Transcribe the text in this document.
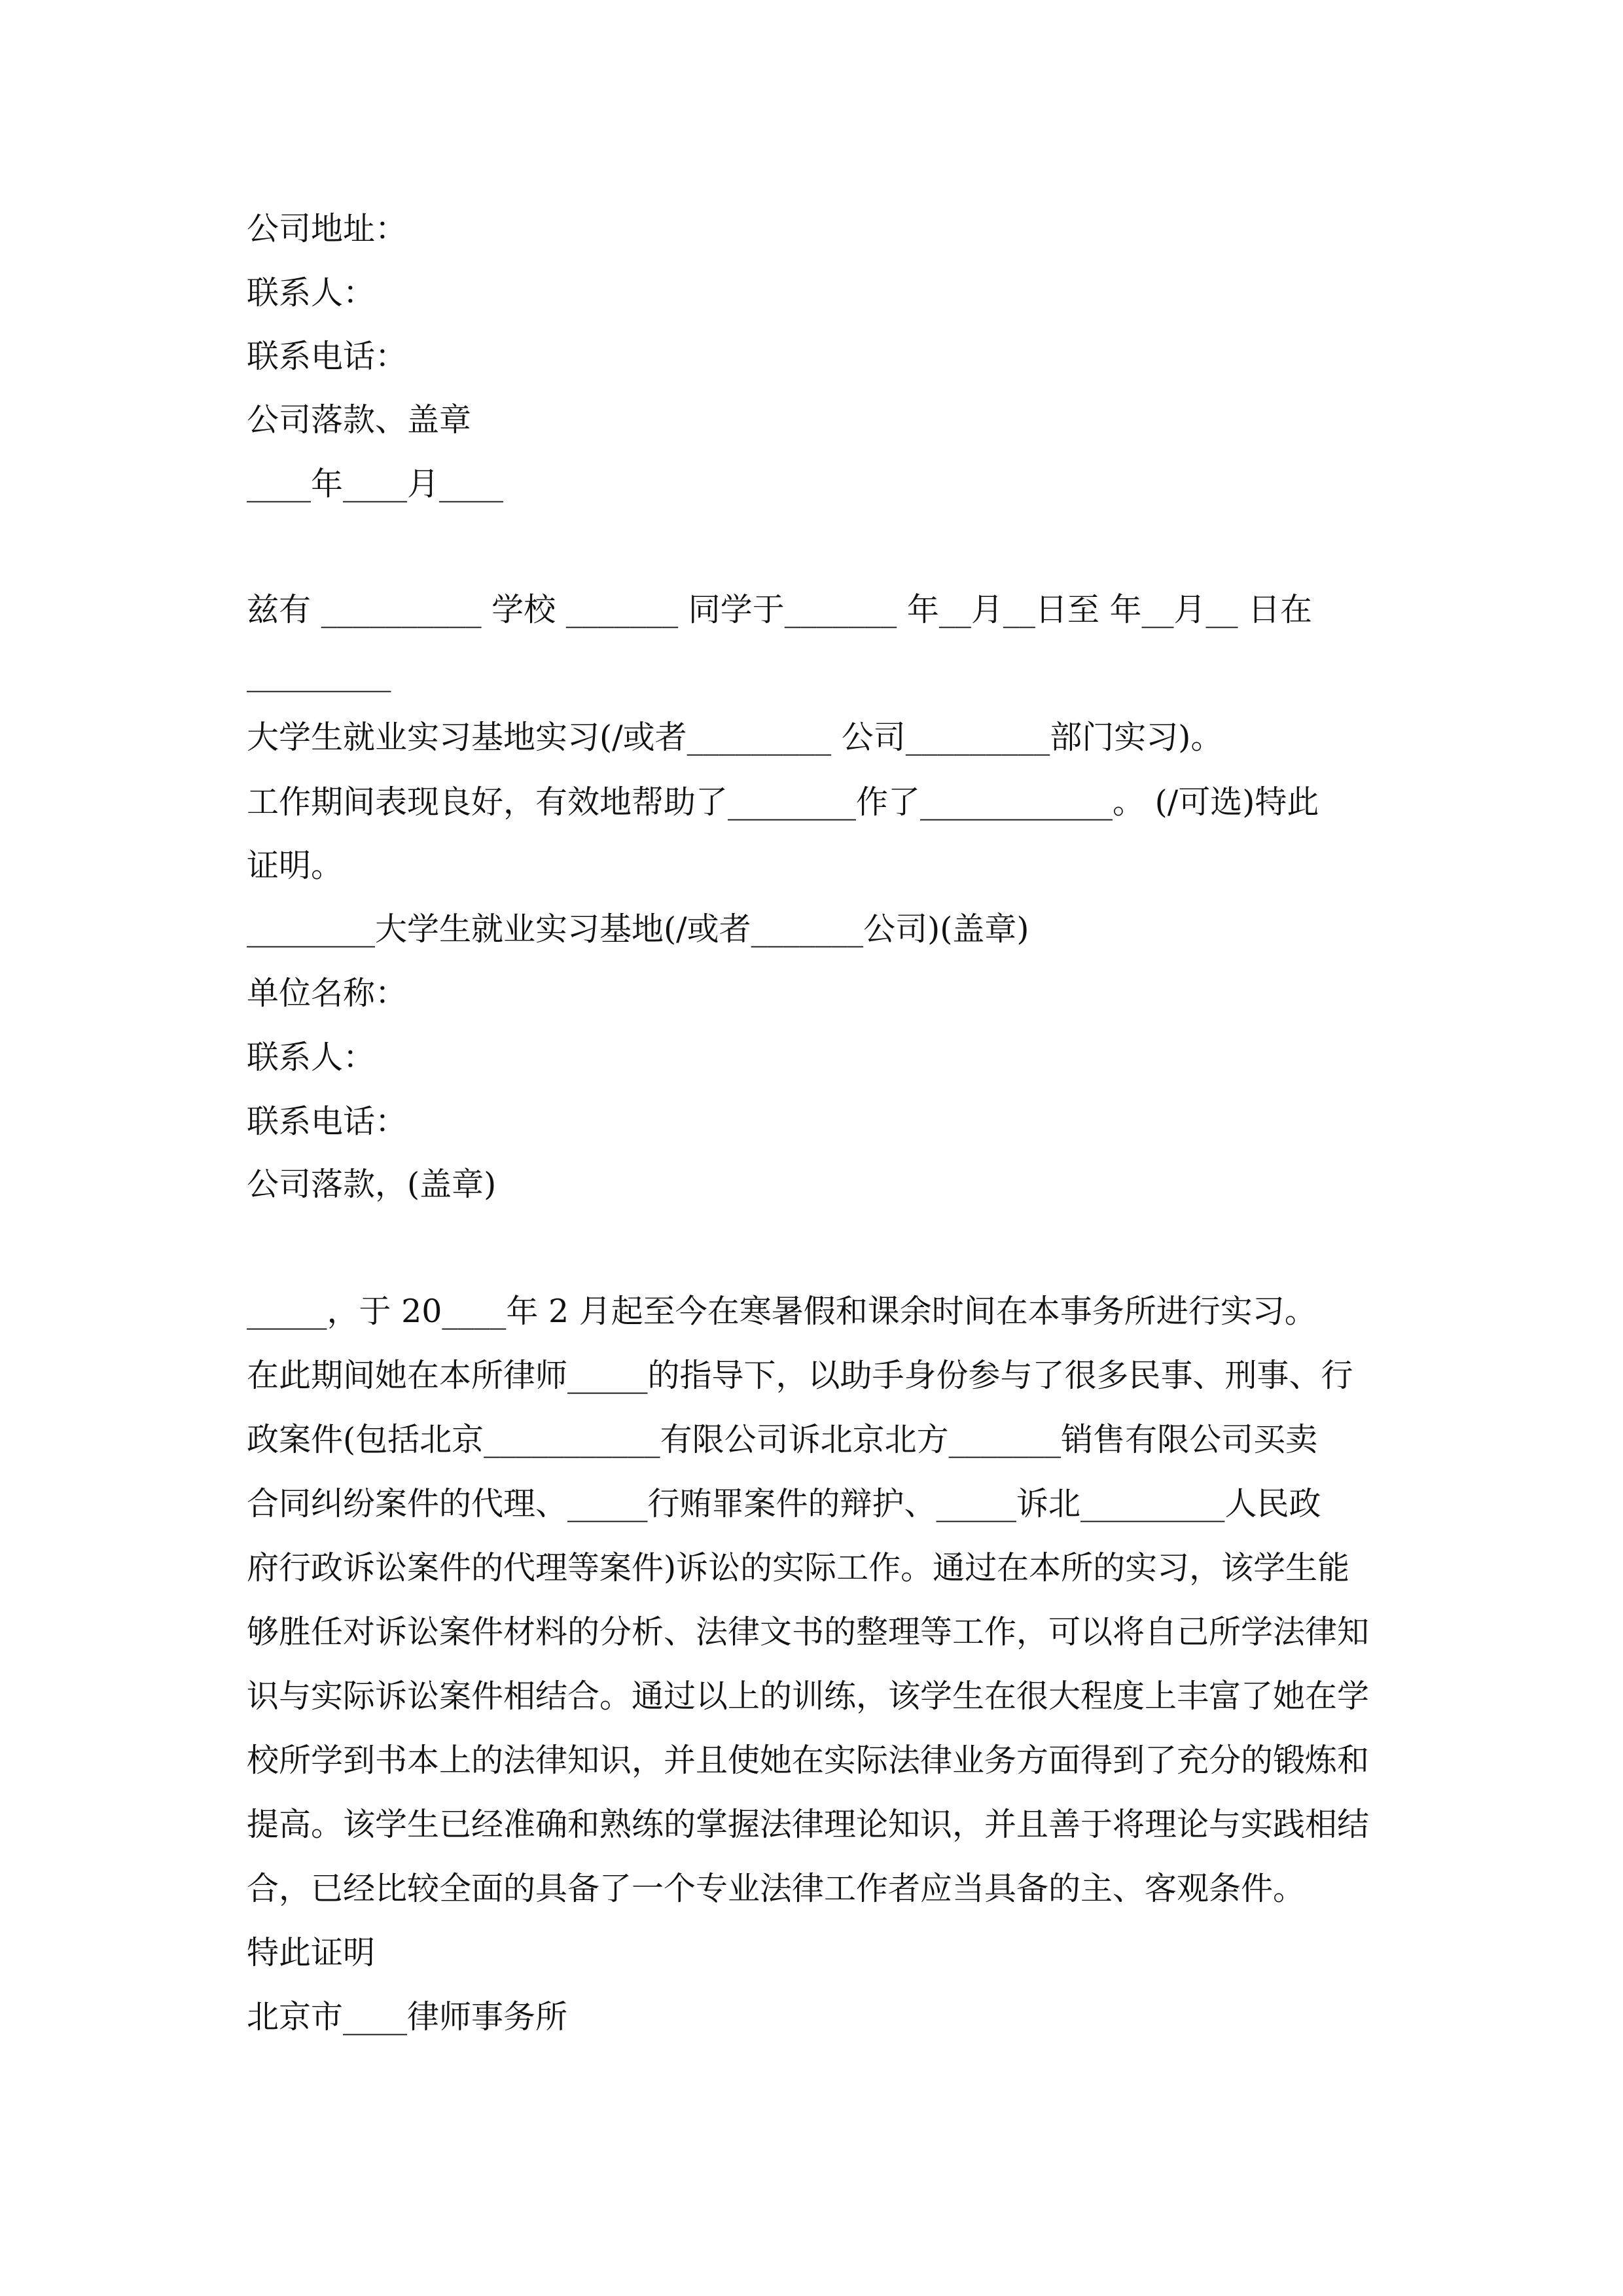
公司地址：
联系人：
联系电话：
公司落款、盖章
____年____月____
兹有 __________ 学校 _______ 同学于_______ 年__月__日至 年__月__ 日在
_________
大学生就业实习基地实习(/或者_________ 公司_________部门实习)。
工作期间表现良好，有效地帮助了________作了____________。 (/可选)特此
证明。
________大学生就业实习基地(/或者_______公司)(盖章)
单位名称：
联系人：
联系电话：
公司落款，(盖章)
_____，于 20____年 2 月起至今在寒暑假和课余时间在本事务所进行实习。
在此期间她在本所律师_____的指导下，以助手身份参与了很多民事、刑事、行
政案件(包括北京___________有限公司诉北京北方_______销售有限公司买卖
合同纠纷案件的代理、_____行贿罪案件的辩护、_____诉北_________人民政
府行政诉讼案件的代理等案件)诉讼的实际工作。通过在本所的实习，该学生能
够胜任对诉讼案件材料的分析、法律文书的整理等工作，可以将自己所学法律知
识与实际诉讼案件相结合。通过以上的训练，该学生在很大程度上丰富了她在学
校所学到书本上的法律知识，并且使她在实际法律业务方面得到了充分的锻炼和
提高。该学生已经准确和熟练的掌握法律理论知识，并且善于将理论与实践相结
合，已经比较全面的具备了一个专业法律工作者应当具备的主、客观条件。
特此证明
北京市____律师事务所
